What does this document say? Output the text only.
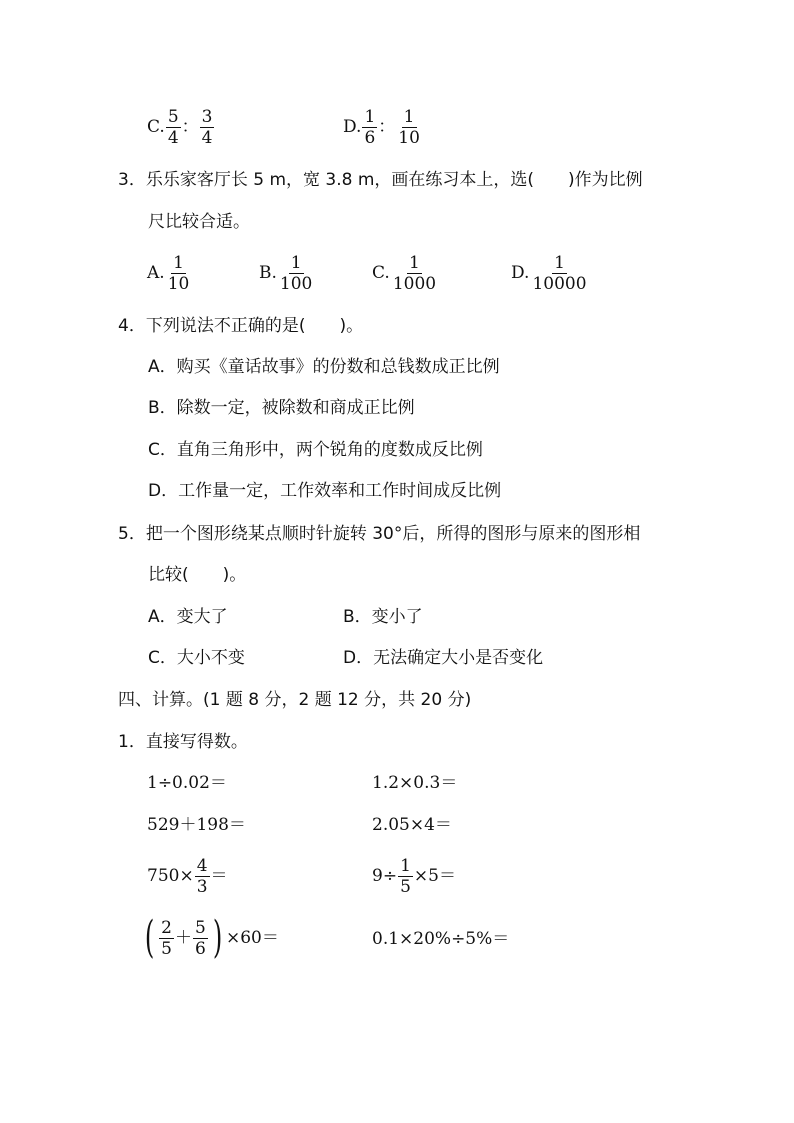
C. $\frac{5}{4}$ ： $\frac{3}{4}$	D. $\frac{1}{6}$ ： $\frac{1}{10}$
3．乐乐家客厅长 5 m，宽 3.8 m，画在练习本上，选(　　)作为比例
尺比较合适。
A. $\frac{1}{10}$	B. $\frac{1}{100}$	C. $\frac{1}{1000}$	D. $\frac{1}{10000}$
4．下列说法不正确的是(　　)。
A．购买《童话故事》的份数和总钱数成正比例
B．除数一定，被除数和商成正比例
C．直角三角形中，两个锐角的度数成反比例
D．工作量一定，工作效率和工作时间成反比例
5．把一个图形绕某点顺时针旋转 30°后，所得的图形与原来的图形相
比较(　　)。
A．变大了	B．变小了
C．大小不变	D．无法确定大小是否变化
四、计算。(1 题 8 分，2 题 12 分，共 20 分)
1．直接写得数。
1÷0.02＝	1.2×0.3＝
529＋198＝	2.05×4＝
$750\times \frac{4}{3}$ ＝	$9\div \frac{1}{5} \times 5=$
( $\frac{2}{5} + \frac{5}{6}$ ) ×60＝	0.1×20%÷5%＝
